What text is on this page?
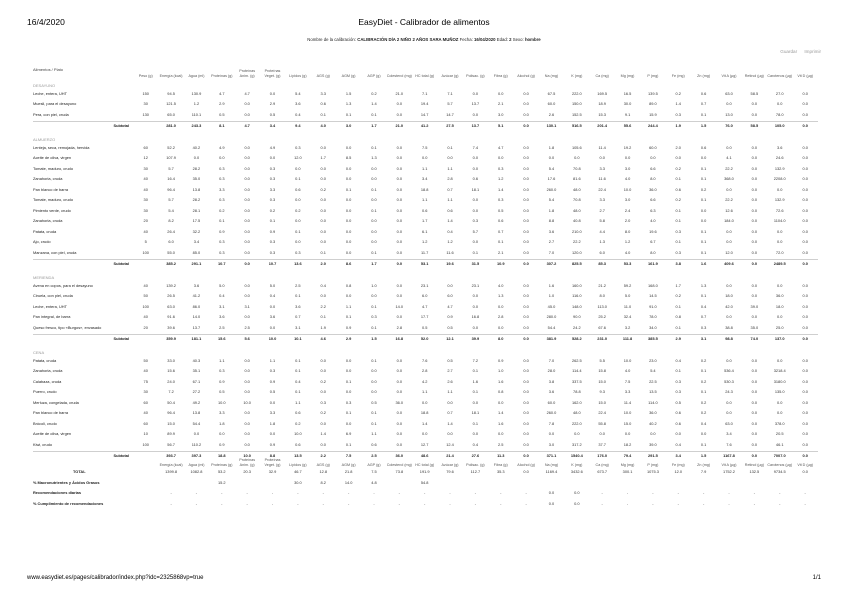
16/4/2020	EasyDiet - Calibrador de alimentos
Nombre de la calibración: CALIBRACIÓN DÍA 2 NIÑO 2 AÑOS SARA MUÑOZ Fecha: 16/04/2020 Edad: 2 Sexo: hombre
Guardar Imprimir
Alimentos / Plato	Peso (g)	Energía (kcal)	Agua (ml)	Proteínas (g)	Proteínas Anim. (g)	Proteínas Veget. (g)	Lípidos (g)	AGS (g)	AGM (g)	AGP (g)	Colesterol (mg)	HC total (g)	Azúcar (g)	Polisac. (g)	Fibra (g)	Alcohol (g)	Na (mg)	K (mg)	Ca (mg)	Mg (mg)	P (mg)	Fe (mg)	Zn (mg)	Vit A (µg)	Retinol (µg)	Carotenos (µg)	Vit D (µg)
DESAYUNO																											
Leche, entera, UHT	150	94.5	130.9	4.7	4.7	0.0	5.4	3.3	1.5	0.2	21.0	7.1	7.1	0.0	0.0	0.0	67.5	222.0	169.5	16.5	139.5	0.2	0.6	63.0	58.5	27.0	0.0
Muesli, para el desayuno	30	121.5	1.2	2.9	0.0	2.9	3.6	0.6	1.3	1.4	0.0	19.4	5.7	13.7	2.1	0.0	60.0	150.0	18.9	30.0	89.0	1.4	0.7	0.0	0.0	0.0	0.0
Pera, con piel, cruda	130	65.0	110.1	0.5	0.0	0.5	0.4	0.1	0.1	0.1	0.0	14.7	14.7	0.0	3.0	0.0	2.6	152.5	15.3	9.1	15.9	0.3	0.1	13.0	0.0	78.0	0.0
Subtotal		281.0	243.3	8.1	4.7	3.4	9.4	4.0	3.0	1.7	21.0	41.2	27.5	13.7	5.1	0.0	130.1	516.5	201.4	55.6	244.4	1.9	1.5	76.0	58.5	105.0	0.0
ALMUERZO																											
Lenteja, seca, remojada, hervida	60	52.2	40.2	4.9	0.0	4.9	0.3	0.0	0.0	0.1	0.0	7.5	0.1	7.4	4.7	0.0	1.8	105.6	11.4	19.2	60.0	2.0	0.6	0.0	0.0	3.6	0.0
Aceite de oliva, virgen	12	107.9	0.0	0.0	0.0	0.0	12.0	1.7	8.5	1.3	0.0	0.0	0.0	0.0	0.0	0.0	0.0	0.0	0.0	0.0	0.0	0.0	0.0	4.1	0.0	24.6	0.0
Tomate, maduro, crudo	30	5.7	28.2	0.3	0.0	0.3	0.0	0.0	0.0	0.0	0.0	1.1	1.1	0.0	0.3	0.0	5.4	70.8	3.3	3.0	6.6	0.2	0.1	22.2	0.0	132.9	0.0
Zanahoria, cruda	40	16.4	35.0	0.3	0.0	0.3	0.1	0.0	0.0	0.0	0.0	3.4	2.8	0.6	1.2	0.0	17.6	81.6	11.6	4.0	8.0	0.1	0.1	368.0	0.0	2208.0	0.0
Pan blanco de barra	40	96.4	13.8	3.3	0.0	3.3	0.6	0.2	0.1	0.1	0.0	18.8	0.7	18.1	1.4	0.0	260.0	48.0	22.4	10.0	36.0	0.6	0.2	0.0	0.0	0.0	0.0
Tomate, maduro, crudo	30	5.7	28.2	0.3	0.0	0.3	0.0	0.0	0.0	0.0	0.0	1.1	1.1	0.0	0.3	0.0	5.4	70.8	3.3	3.0	6.6	0.2	0.1	22.2	0.0	132.9	0.0
Pimiento verde, crudo	30	5.4	28.1	0.2	0.0	0.2	0.2	0.0	0.0	0.1	0.0	0.6	0.6	0.0	0.5	0.0	1.8	48.0	2.7	2.4	6.3	0.1	0.0	12.6	0.0	72.6	0.0
Zanahoria, cruda	20	8.2	17.5	0.1	0.0	0.1	0.0	0.0	0.0	0.0	0.0	1.7	1.4	0.3	0.6	0.0	8.8	40.8	5.8	2.0	4.0	0.1	0.0	184.0	0.0	1104.0	0.0
Patata, cruda	40	26.4	32.2	0.9	0.0	0.9	0.1	0.0	0.0	0.0	0.0	6.1	0.4	5.7	0.7	0.0	3.6	210.0	4.4	8.0	19.6	0.3	0.1	0.0	0.0	0.0	0.0
Ajo, crudo	5	6.0	3.4	0.3	0.0	0.3	0.0	0.0	0.0	0.0	0.0	1.2	1.2	0.0	0.1	0.0	2.7	22.2	1.3	1.2	6.7	0.1	0.1	0.0	0.0	0.0	0.0
Manzana, con piel, cruda	100	55.0	85.0	0.3	0.0	0.3	0.3	0.1	0.0	0.1	0.0	11.7	11.6	0.1	2.1	0.0	7.0	120.0	6.0	4.0	8.0	0.3	0.1	12.0	0.0	72.0	0.0
Subtotal		385.2	291.1	10.7	0.0	10.7	13.6	2.0	8.6	1.7	0.0	53.1	19.6	31.5	10.9	0.0	307.2	825.5	85.3	53.3	161.9	3.8	1.6	409.6	0.0	2489.5	0.0
MERIENDA																											
Avena en copos, para el desayuno	40	139.2	3.6	5.0	0.0	5.0	2.5	0.4	0.8	1.0	0.0	23.1	0.0	23.1	4.0	0.0	1.6	160.0	21.2	59.2	168.0	1.7	1.3	0.0	0.0	0.0	0.0
Ciruela, con piel, cruda	50	26.5	41.2	0.4	0.0	0.4	0.1	0.0	0.0	0.0	0.0	6.0	6.0	0.0	1.3	0.0	1.0	116.0	8.0	5.0	14.5	0.2	0.1	18.0	0.0	36.0	0.0
Leche, entera, UHT	100	63.0	86.0	3.1	3.1	0.0	3.6	2.2	1.1	0.1	14.0	4.7	4.7	0.0	0.0	0.0	45.0	148.0	113.0	11.0	91.0	0.1	0.4	42.0	39.0	18.0	0.0
Pan integral, de barra	40	91.6	14.0	3.6	0.0	3.6	0.7	0.1	0.1	0.3	0.0	17.7	0.9	16.8	2.8	0.0	280.0	90.0	25.2	32.4	78.0	0.8	0.7	0.0	0.0	0.0	0.0
Queso fresco, tipo «Burgos», envasado	20	39.6	13.7	2.5	2.5	0.0	3.1	1.9	0.9	0.1	2.8	0.5	0.5	0.0	0.0	0.0	54.4	24.2	67.6	3.2	34.0	0.1	0.3	38.8	35.0	25.0	0.0
Subtotal		359.9	181.1	15.6	5.6	10.0	10.1	4.6	2.9	1.5	16.8	52.0	12.1	39.9	8.0	0.0	381.9	528.2	231.0	111.8	385.5	2.9	3.1	98.8	74.0	137.0	0.0
CENA																											
Patata, cruda	50	33.0	40.3	1.1	0.0	1.1	0.1	0.0	0.0	0.1	0.0	7.6	0.5	7.2	0.9	0.0	7.0	262.5	5.5	10.0	23.0	0.4	0.2	0.0	0.0	0.0	0.0
Zanahoria, cruda	40	15.6	35.1	0.3	0.0	0.3	0.1	0.0	0.0	0.0	0.0	2.8	2.7	0.1	1.0	0.0	28.0	114.4	15.8	4.0	5.4	0.1	0.1	536.4	0.0	3218.4	0.0
Calabaza, cruda	75	24.0	67.1	0.9	0.0	0.9	0.4	0.2	0.1	0.0	0.0	4.2	2.6	1.6	1.6	0.0	3.8	337.5	15.0	7.5	22.5	0.3	0.2	530.3	0.0	3180.0	0.0
Puerro, crudo	30	7.2	27.2	0.5	0.0	0.5	0.1	0.0	0.0	0.0	0.0	1.1	1.1	0.1	0.8	0.0	3.6	78.8	9.3	3.3	13.5	0.3	0.1	24.3	0.0	135.0	0.0
Merluza, congelada, cruda	60	50.4	49.2	10.0	10.0	0.0	1.1	0.3	0.3	0.5	36.0	0.0	0.0	0.0	0.0	0.0	60.0	162.0	15.0	11.4	114.0	0.5	0.2	0.0	0.0	0.0	0.0
Pan blanco de barra	40	96.4	13.8	3.3	0.0	3.3	0.6	0.2	0.1	0.1	0.0	18.8	0.7	18.1	1.4	0.0	260.0	48.0	22.4	10.0	36.0	0.6	0.2	0.0	0.0	0.0	0.0
Brócoli, crudo	60	15.0	54.4	1.8	0.0	1.8	0.2	0.0	0.0	0.1	0.0	1.4	1.4	0.1	1.6	0.0	7.8	222.0	55.8	15.0	40.2	0.6	0.4	63.0	0.0	378.0	0.0
Aceite de oliva, virgen	10	89.9	0.0	0.0	0.0	0.0	10.0	1.4	6.9	1.1	0.0	0.0	0.0	0.0	0.0	0.0	0.0	0.0	0.0	0.0	0.0	0.0	0.0	3.4	0.0	20.5	0.0
Kiwi, crudo	100	56.7	110.2	0.9	0.0	0.9	0.6	0.0	0.1	0.6	0.0	12.7	12.4	0.4	2.5	0.0	3.0	317.2	37.7	18.2	39.0	0.4	0.1	7.6	0.0	46.1	0.0
Subtotal		393.7	397.3	18.8	10.0	8.8	13.5	2.2	7.5	2.5	36.0	48.6	21.4	27.6	11.3	0.0	371.1	1540.4	176.0	79.4	291.5	3.4	1.5	1167.8	0.0	7007.0	0.0
	Energía (kcal)	Agua (ml)	Proteínas (g)	Proteínas Anim. (g)	Proteínas Veget. (g)	Lípidos (g)	AGS (g)	AGM (g)	AGP (g)	Colesterol (mg)	HC total (g)	Azúcar (g)	Polisac. (g)	Fibra (g)	Alcohol (g)	Na (mg)	K (mg)	Ca (mg)	Mg (mg)	P (mg)	Fe (mg)	Zn (mg)	Vit A (µg)	Retinol (µg)	Carotenos (µg)	Vit D (µg)
TOTAL	1399.8	1082.8	53.2	20.3	32.9	46.7	12.8	21.8	7.5	73.8	191.9	79.6	112.7	35.3	0.0	1169.4	3432.6	673.7	300.1	1075.3	12.0	7.9	1752.2	132.5	9734.5	0.0
% Macronutrientes y Ácidos Grasos			15.2			30.0	8.2	14.0	4.8		54.8															
Recomendaciones diarias	-	-	-	-	-	-	-	-	-	-	-	-	-	-	-	0.0	0.0	-	-	-	-	-	-	-	-	-
% Cumplimiento de recomendaciones	-	-	-	-	-	-	-	-	-	-	-	-	-	-	-	0.0	0.0	-	-	-	-	-	-	-	-	-
www.easydiet.es/pages/calibrador/index.php?idc=2325868vp=true	1/1
